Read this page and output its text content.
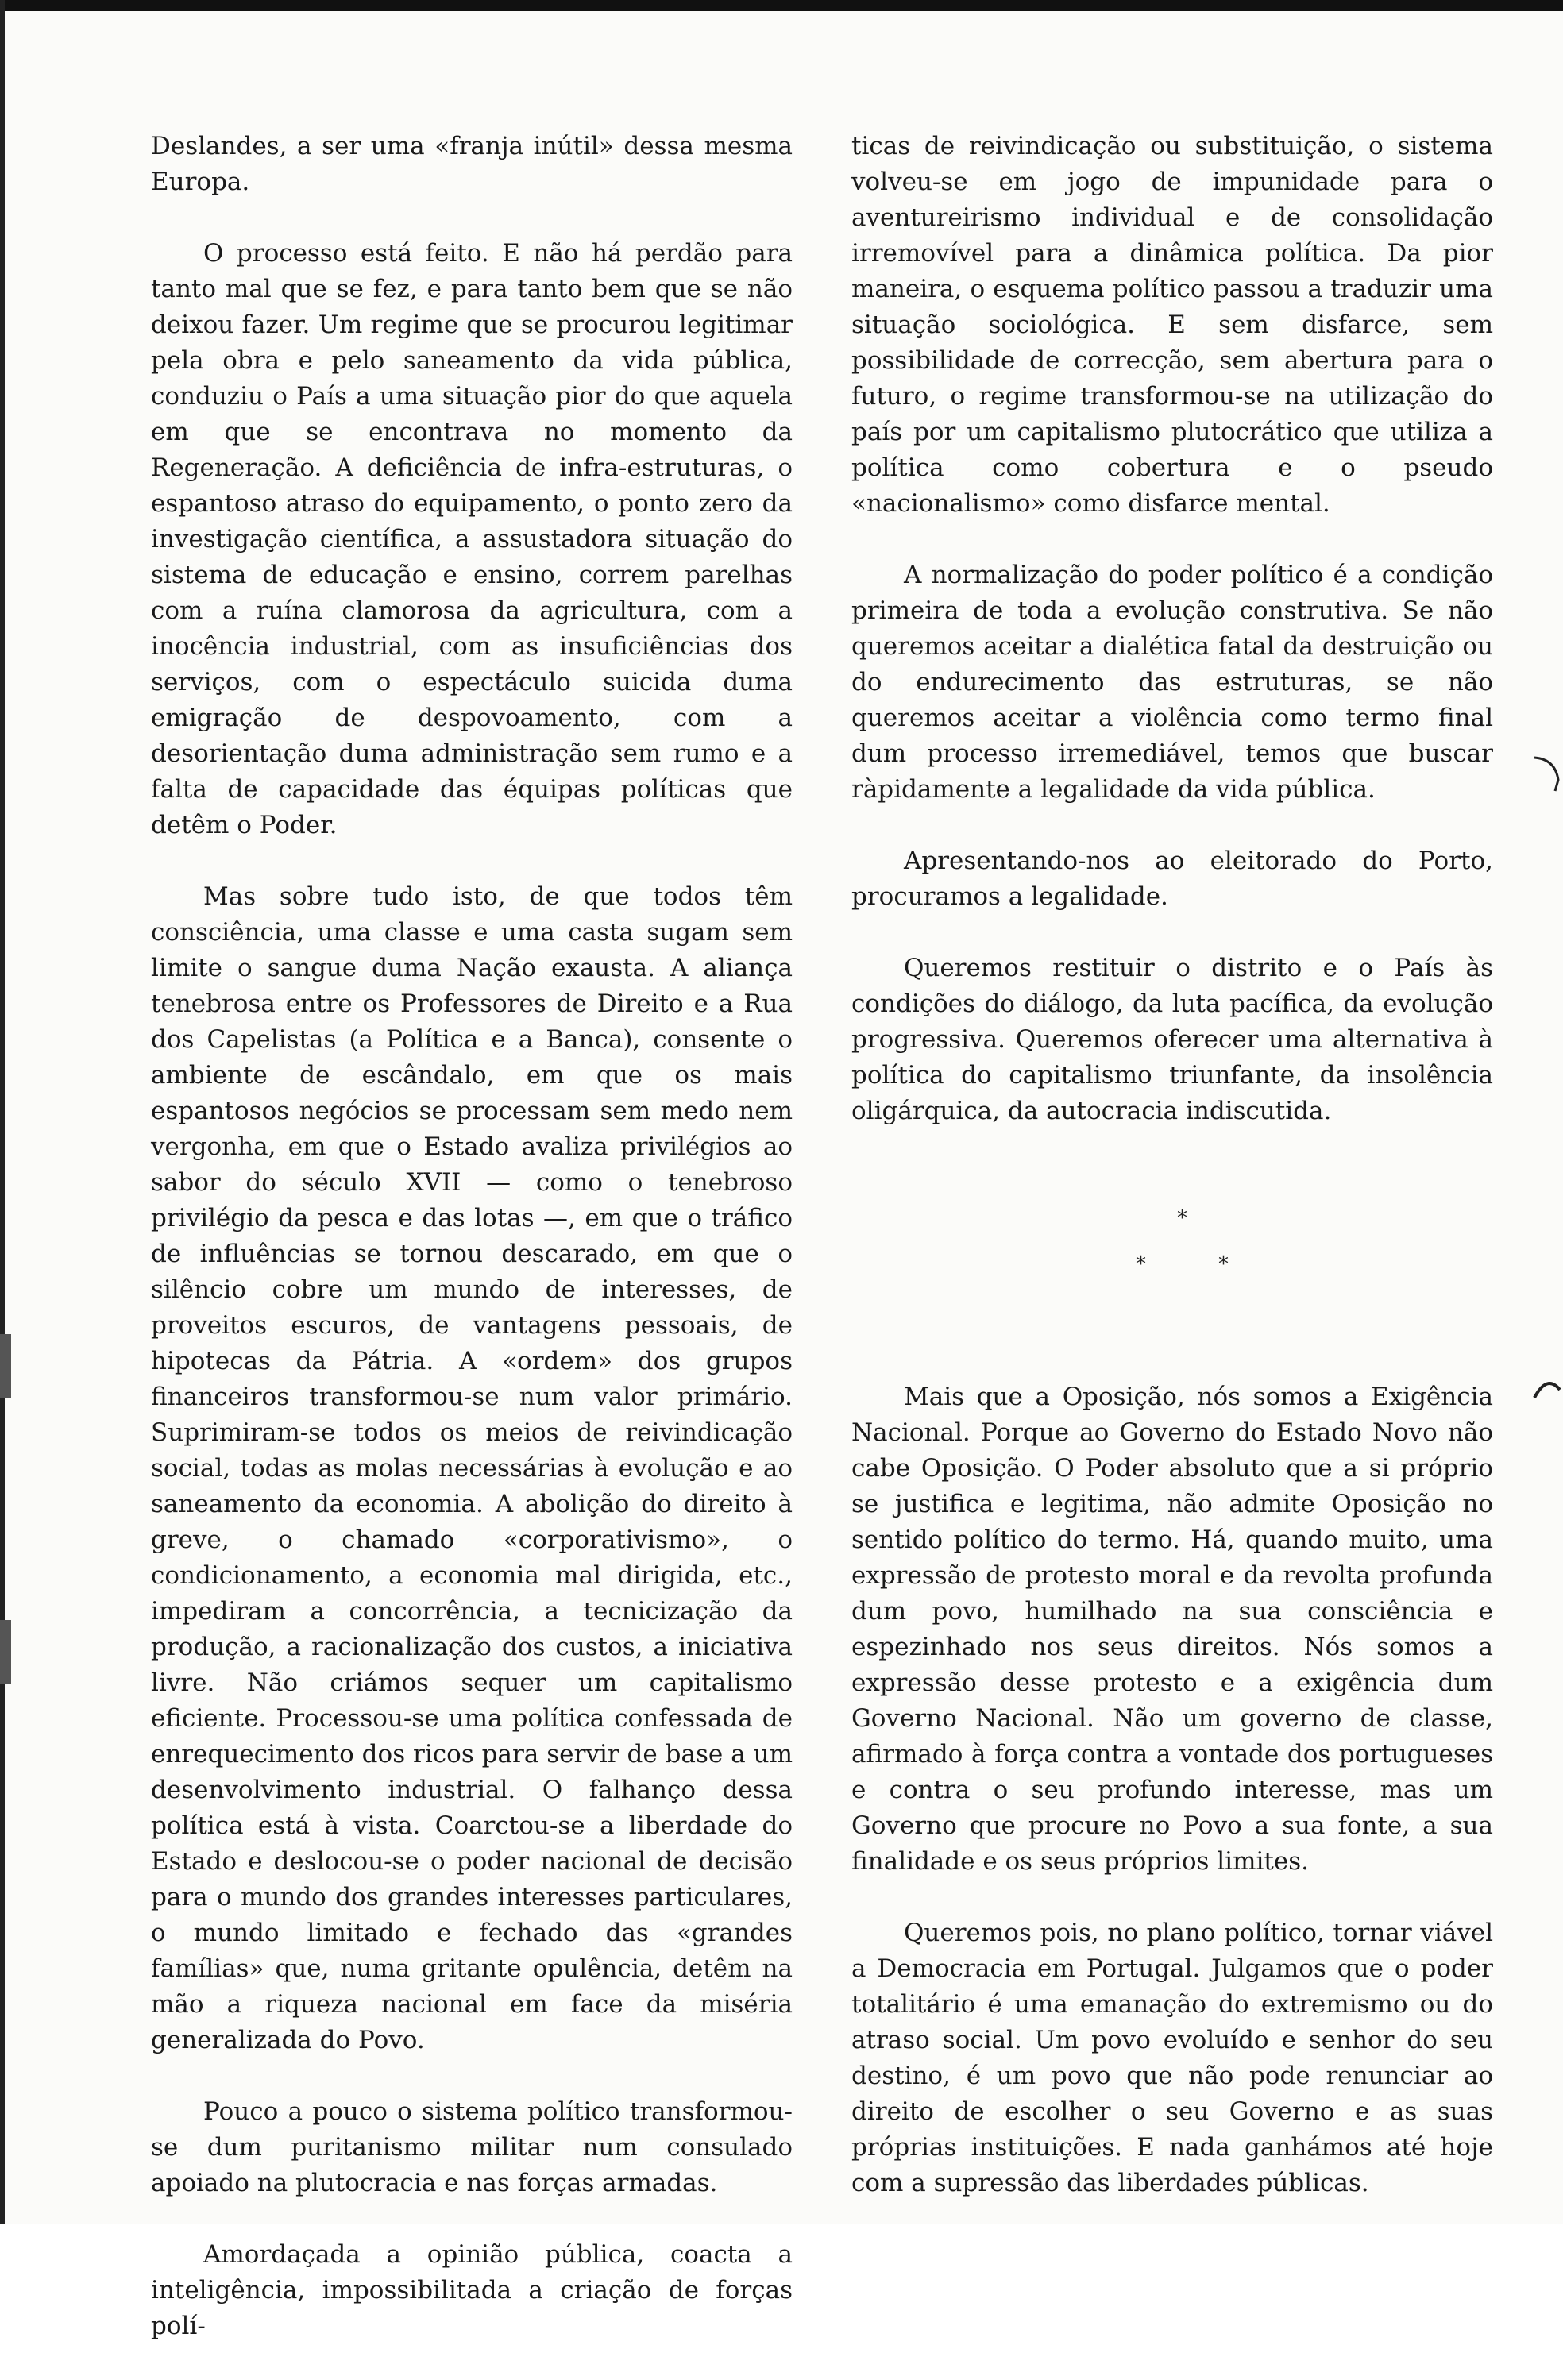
Deslandes, a ser uma «franja inútil» dessa mesma Europa.

O processo está feito. E não há perdão para tanto mal que se fez, e para tanto bem que se não deixou fazer. Um regime que se procurou legitimar pela obra e pelo saneamento da vida pública, conduziu o País a uma situação pior do que aquela em que se encontrava no momento da Regeneração. A deficiência de infra-estruturas, o espantoso atraso do equipamento, o ponto zero da investigação científica, a assustadora situação do sistema de educação e ensino, correm parelhas com a ruína clamorosa da agricultura, com a inocência industrial, com as insuficiências dos serviços, com o espectáculo suicida duma emigração de despovoamento, com a desorientação duma administração sem rumo e a falta de capacidade das équipas políticas que detêm o Poder.

Mas sobre tudo isto, de que todos têm consciência, uma classe e uma casta sugam sem limite o sangue duma Nação exausta. A aliança tenebrosa entre os Professores de Direito e a Rua dos Capelistas (a Política e a Banca), consente o ambiente de escândalo, em que os mais espantosos negócios se processam sem medo nem vergonha, em que o Estado avaliza privilégios ao sabor do século XVII — como o tenebroso privilégio da pesca e das lotas —, em que o tráfico de influências se tornou descarado, em que o silêncio cobre um mundo de interesses, de proveitos escuros, de vantagens pessoais, de hipotecas da Pátria. A «ordem» dos grupos financeiros transformou-se num valor primário. Suprimiram-se todos os meios de reivindicação social, todas as molas necessárias à evolução e ao saneamento da economia. A abolição do direito à greve, o chamado «corporativismo», o condicionamento, a economia mal dirigida, etc., impediram a concorrência, a tecnicização da produção, a racionalização dos custos, a iniciativa livre. Não criámos sequer um capitalismo eficiente. Processou-se uma política confessada de enrequecimento dos ricos para servir de base a um desenvolvimento industrial. O falhanço dessa política está à vista. Coarctou-se a liberdade do Estado e deslocou-se o poder nacional de decisão para o mundo dos grandes interesses particulares, o mundo limitado e fechado das «grandes famílias» que, numa gritante opulência, detêm na mão a riqueza nacional em face da miséria generalizada do Povo.

Pouco a pouco o sistema político transformou-se dum puritanismo militar num consulado apoiado na plutocracia e nas forças armadas.

Amordaçada a opinião pública, coacta a inteligência, impossibilitada a criação de forças polí-

ticas de reivindicação ou substituição, o sistema volveu-se em jogo de impunidade para o aventureirismo individual e de consolidação irremovível para a dinâmica política. Da pior maneira, o esquema político passou a traduzir uma situação sociológica. E sem disfarce, sem possibilidade de correcção, sem abertura para o futuro, o regime transformou-se na utilização do país por um capitalismo plutocrático que utiliza a política como cobertura e o pseudo «nacionalismo» como disfarce mental.

A normalização do poder político é a condição primeira de toda a evolução construtiva. Se não queremos aceitar a dialética fatal da destruição ou do endurecimento das estruturas, se não queremos aceitar a violência como termo final dum processo irremediável, temos que buscar ràpidamente a legalidade da vida pública.

Apresentando-nos ao eleitorado do Porto, procuramos a legalidade.

Queremos restituir o distrito e o País às condições do diálogo, da luta pacífica, da evolução progressiva. Queremos oferecer uma alternativa à política do capitalismo triunfante, da insolência oligárquica, da autocracia indiscutida.

*
*	*

Mais que a Oposição, nós somos a Exigência Nacional. Porque ao Governo do Estado Novo não cabe Oposição. O Poder absoluto que a si próprio se justifica e legitima, não admite Oposição no sentido político do termo. Há, quando muito, uma expressão de protesto moral e da revolta profunda dum povo, humilhado na sua consciência e espezinhado nos seus direitos. Nós somos a expressão desse protesto e a exigência dum Governo Nacional. Não um governo de classe, afirmado à força contra a vontade dos portugueses e contra o seu profundo interesse, mas um Governo que procure no Povo a sua fonte, a sua finalidade e os seus próprios limites.

Queremos pois, no plano político, tornar viável a Democracia em Portugal. Julgamos que o poder totalitário é uma emanação do extremismo ou do atraso social. Um povo evoluído e senhor do seu destino, é um povo que não pode renunciar ao direito de escolher o seu Governo e as suas próprias instituições. E nada ganhámos até hoje com a supressão das liberdades públicas.
